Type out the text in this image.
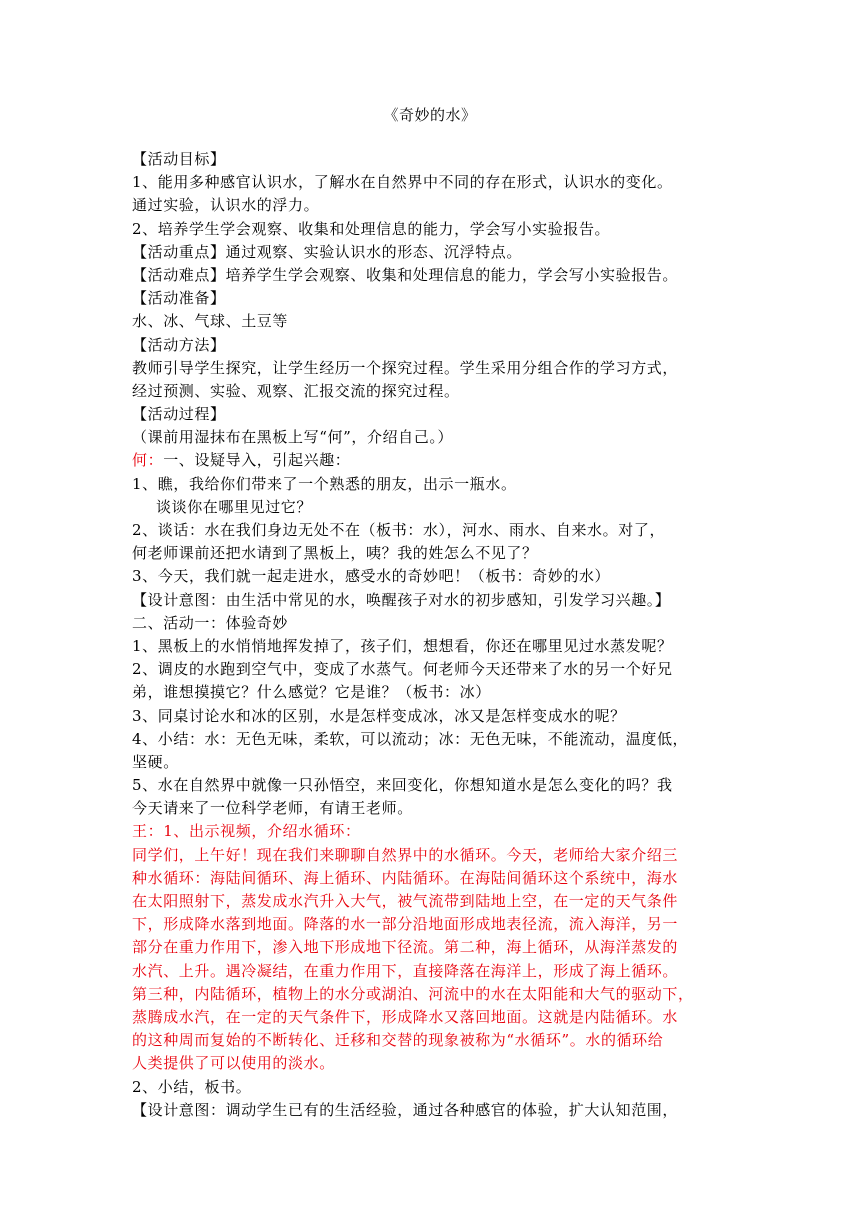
《奇妙的水》
【活动目标】
1、能用多种感官认识水，了解水在自然界中不同的存在形式，认识水的变化。
通过实验，认识水的浮力。
2、培养学生学会观察、收集和处理信息的能力，学会写小实验报告。
【活动重点】通过观察、实验认识水的形态、沉浮特点。
【活动难点】培养学生学会观察、收集和处理信息的能力，学会写小实验报告。
【活动准备】
水、冰、气球、土豆等
【活动方法】
教师引导学生探究，让学生经历一个探究过程。学生采用分组合作的学习方式，
经过预测、实验、观察、汇报交流的探究过程。
【活动过程】
（课前用湿抹布在黑板上写“何”，介绍自己。）
何：一、设疑导入，引起兴趣：
1、瞧，我给你们带来了一个熟悉的朋友，出示一瓶水。
谈谈你在哪里见过它？
2、谈话：水在我们身边无处不在（板书：水），河水、雨水、自来水。对了，
何老师课前还把水请到了黑板上，咦？我的姓怎么不见了？
3、今天，我们就一起走进水，感受水的奇妙吧！（板书：奇妙的水）
【设计意图：由生活中常见的水，唤醒孩子对水的初步感知，引发学习兴趣。】
二、活动一：体验奇妙
1、黑板上的水悄悄地挥发掉了，孩子们，想想看，你还在哪里见过水蒸发呢？
2、调皮的水跑到空气中，变成了水蒸气。何老师今天还带来了水的另一个好兄
弟，谁想摸摸它？什么感觉？它是谁？（板书：冰）
3、同桌讨论水和冰的区别，水是怎样变成冰，冰又是怎样变成水的呢？
4、小结：水：无色无味，柔软，可以流动；冰：无色无味，不能流动，温度低，
坚硬。
5、水在自然界中就像一只孙悟空，来回变化，你想知道水是怎么变化的吗？我
今天请来了一位科学老师，有请王老师。
王：1、出示视频，介绍水循环：
同学们，上午好！现在我们来聊聊自然界中的水循环。今天，老师给大家介绍三
种水循环：海陆间循环、海上循环、内陆循环。在海陆间循环这个系统中，海水
在太阳照射下，蒸发成水汽升入大气，被气流带到陆地上空，在一定的天气条件
下，形成降水落到地面。降落的水一部分沿地面形成地表径流，流入海洋，另一
部分在重力作用下，渗入地下形成地下径流。第二种，海上循环，从海洋蒸发的
水汽、上升。遇冷凝结，在重力作用下，直接降落在海洋上，形成了海上循环。
第三种，内陆循环，植物上的水分或湖泊、河流中的水在太阳能和大气的驱动下，
蒸腾成水汽，在一定的天气条件下，形成降水又落回地面。这就是内陆循环。水
的这种周而复始的不断转化、迁移和交替的现象被称为“水循环”。水的循环给
人类提供了可以使用的淡水。
2、小结，板书。
【设计意图：调动学生已有的生活经验，通过各种感官的体验，扩大认知范围，
